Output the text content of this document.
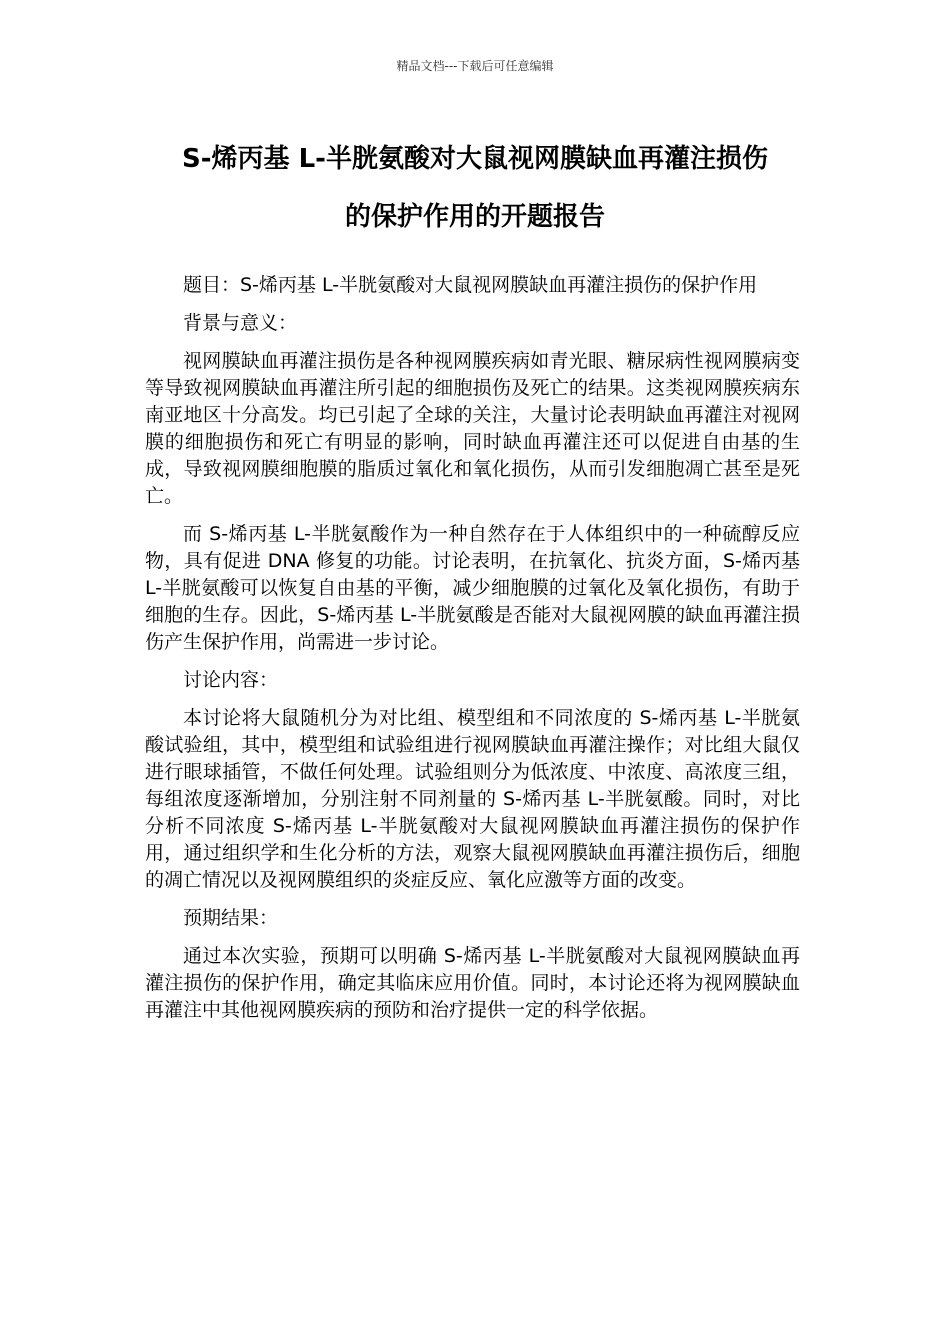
精品文档---下载后可任意编辑
S-烯丙基 L-半胱氨酸对大鼠视网膜缺血再灌注损伤
的保护作用的开题报告

题目：S-烯丙基 L-半胱氨酸对大鼠视网膜缺血再灌注损伤的保护作用

背景与意义：

视网膜缺血再灌注损伤是各种视网膜疾病如青光眼、糖尿病性视网膜病变等导致视网膜缺血再灌注所引起的细胞损伤及死亡的结果。这类视网膜疾病东南亚地区十分高发。均已引起了全球的关注，大量讨论表明缺血再灌注对视网膜的细胞损伤和死亡有明显的影响，同时缺血再灌注还可以促进自由基的生成，导致视网膜细胞膜的脂质过氧化和氧化损伤，从而引发细胞凋亡甚至是死亡。

而 S-烯丙基 L-半胱氨酸作为一种自然存在于人体组织中的一种硫醇反应物，具有促进 DNA 修复的功能。讨论表明，在抗氧化、抗炎方面，S-烯丙基 L-半胱氨酸可以恢复自由基的平衡，减少细胞膜的过氧化及氧化损伤，有助于细胞的生存。因此，S-烯丙基 L-半胱氨酸是否能对大鼠视网膜的缺血再灌注损伤产生保护作用，尚需进一步讨论。

讨论内容：

本讨论将大鼠随机分为对比组、模型组和不同浓度的 S-烯丙基 L-半胱氨酸试验组，其中，模型组和试验组进行视网膜缺血再灌注操作；对比组大鼠仅进行眼球插管，不做任何处理。试验组则分为低浓度、中浓度、高浓度三组，每组浓度逐渐增加，分别注射不同剂量的 S-烯丙基 L-半胱氨酸。同时，对比分析不同浓度 S-烯丙基 L-半胱氨酸对大鼠视网膜缺血再灌注损伤的保护作用，通过组织学和生化分析的方法，观察大鼠视网膜缺血再灌注损伤后，细胞的凋亡情况以及视网膜组织的炎症反应、氧化应激等方面的改变。

预期结果：

通过本次实验，预期可以明确 S-烯丙基 L-半胱氨酸对大鼠视网膜缺血再灌注损伤的保护作用，确定其临床应用价值。同时，本讨论还将为视网膜缺血再灌注中其他视网膜疾病的预防和治疗提供一定的科学依据。
